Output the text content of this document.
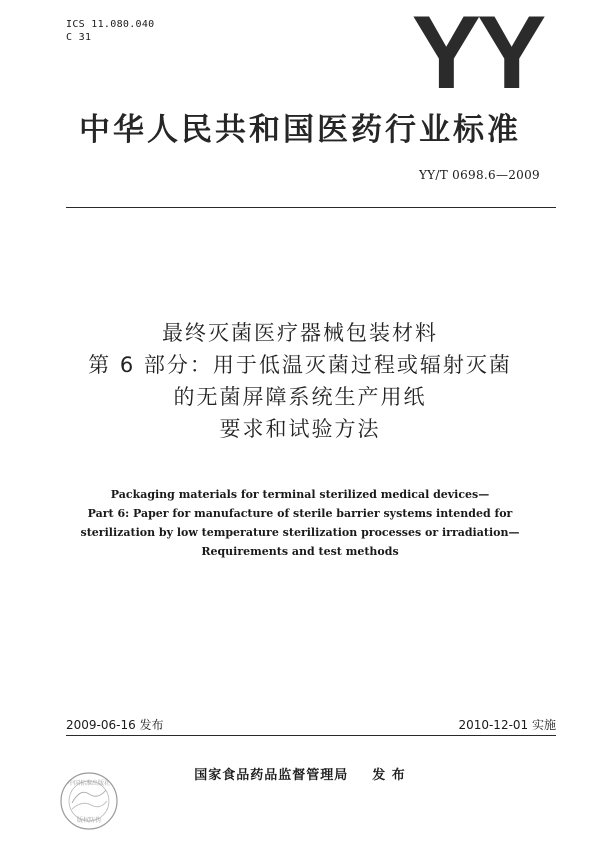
ICS 11.080.040
C 31	YY
中华人民共和国医药行业标准
YY/T 0698.6—2009
最终灭菌医疗器械包装材料
第 6 部分：用于低温灭菌过程或辐射灭菌
的无菌屏障系统生产用纸
要求和试验方法
Packaging materials for terminal sterilized medical devices—
Part 6: Paper for manufacture of sterile barrier systems intended for
sterilization by low temperature sterilization processes or irradiation—
Requirements and test methods
2009-06-16 发布	2010-12-01 实施
国家食品药品监督管理局 发 布
中国标准出版社
版权防伪
